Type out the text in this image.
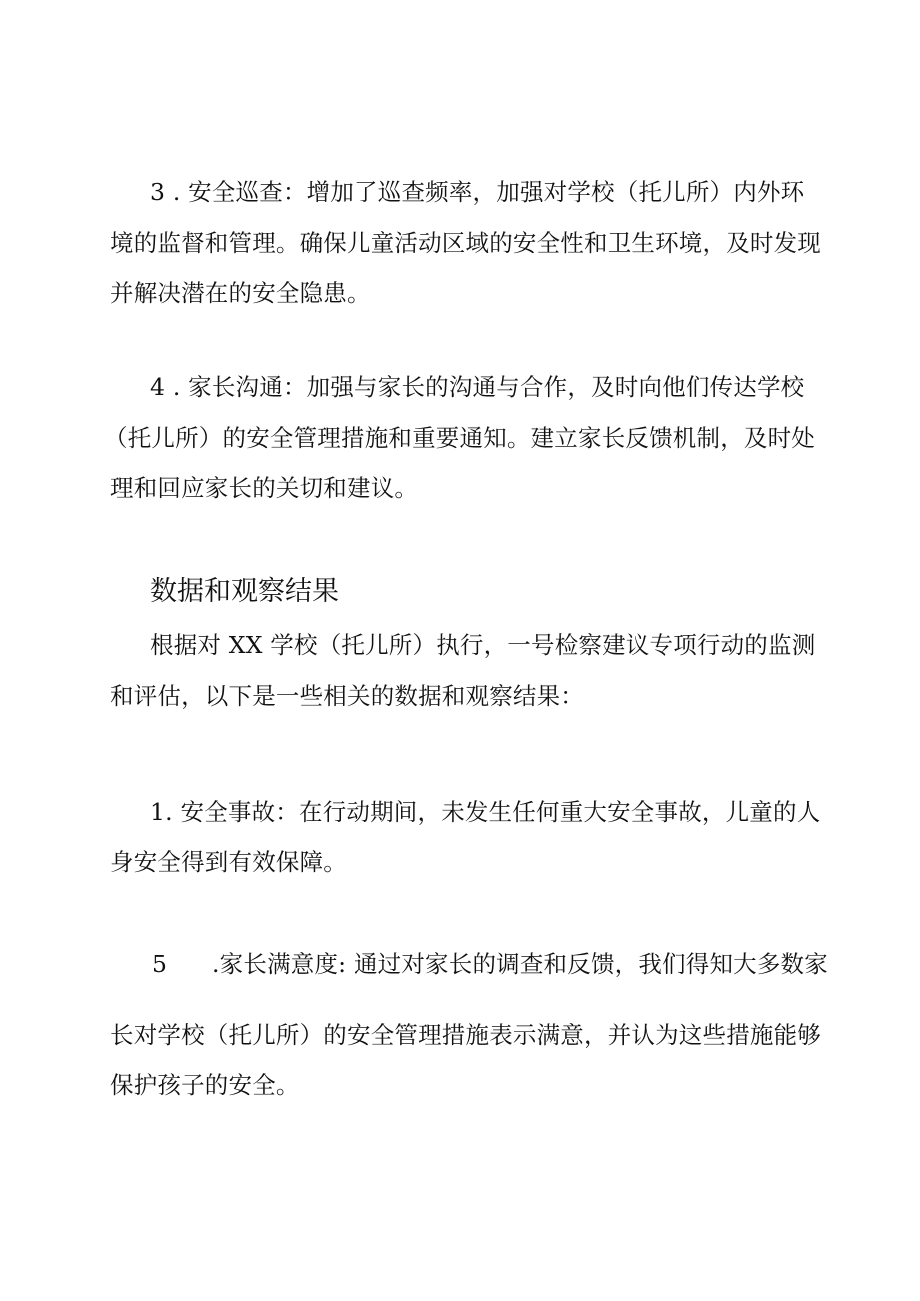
3 . 安全巡查：增加了巡查频率，加强对学校（托儿所）内外环
境的监督和管理。确保儿童活动区域的安全性和卫生环境，及时发现
并解决潜在的安全隐患。
4 . 家长沟通：加强与家长的沟通与合作，及时向他们传达学校
（托儿所）的安全管理措施和重要通知。建立家长反馈机制，及时处
理和回应家长的关切和建议。
数据和观察结果
根据对 XX 学校（托儿所）执行，一号检察建议专项行动的监测
和评估，以下是一些相关的数据和观察结果：
1. 安全事故：在行动期间，未发生任何重大安全事故，儿童的人
身安全得到有效保障。
5 .家长满意度: 通过对家长的调查和反馈，我们得知大多数家
长对学校（托儿所）的安全管理措施表示满意，并认为这些措施能够
保护孩子的安全。
